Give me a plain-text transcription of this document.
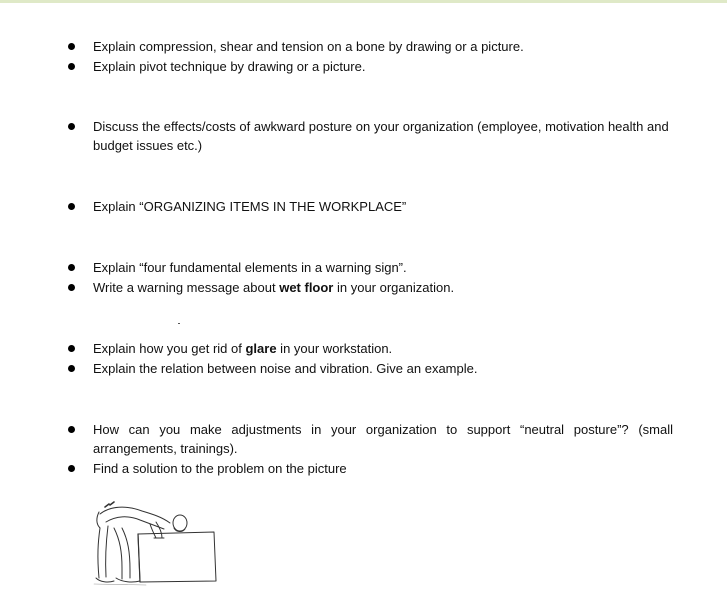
Explain compression, shear and tension on a bone by drawing or a picture.

Explain pivot technique by drawing or a picture.

Discuss the effects/costs of awkward posture on your organization (employee, motivation health and budget issues etc.)

Explain “ORGANIZING ITEMS IN THE WORKPLACE”

Explain “four fundamental elements in a warning sign”.

Write a warning message about wet floor in your organization.

Explain how you get rid of glare in your workstation.

Explain the relation between noise and vibration. Give an example.

How can you make adjustments in your organization to support “neutral posture”? (small arrangements, trainings).

Find a solution to the problem on the picture
